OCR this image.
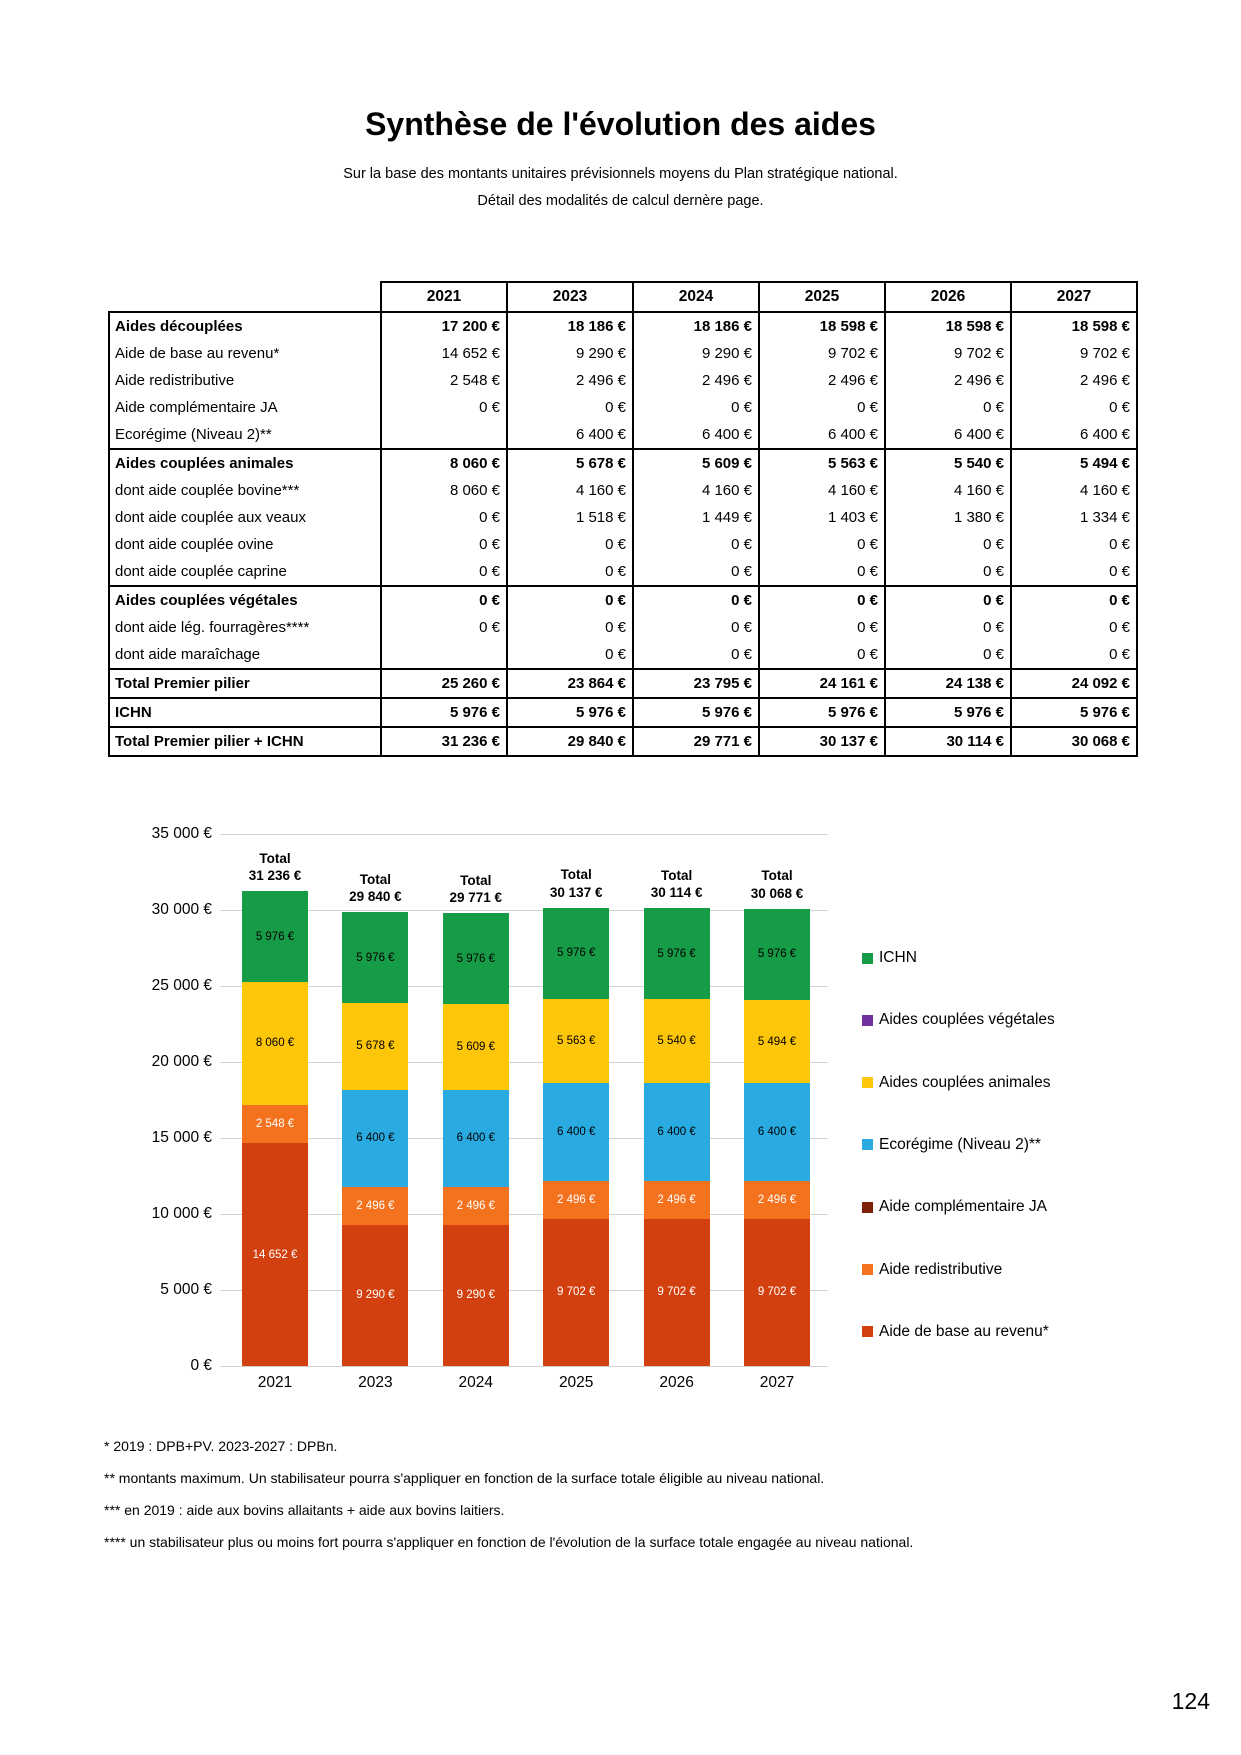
Synthèse de l'évolution des aides

Sur la base des montants unitaires prévisionnels moyens du Plan stratégique national.

Détail des modalités de calcul dernère page.

	2021	2023	2024	2025	2026	2027
Aides découplées	17 200 €	18 186 €	18 186 €	18 598 €	18 598 €	18 598 €
Aide de base au revenu*	14 652 €	9 290 €	9 290 €	9 702 €	9 702 €	9 702 €
Aide redistributive	2 548 €	2 496 €	2 496 €	2 496 €	2 496 €	2 496 €
Aide complémentaire JA	0 €	0 €	0 €	0 €	0 €	0 €
Ecorégime (Niveau 2)**		6 400 €	6 400 €	6 400 €	6 400 €	6 400 €
Aides couplées animales	8 060 €	5 678 €	5 609 €	5 563 €	5 540 €	5 494 €
dont aide couplée bovine***	8 060 €	4 160 €	4 160 €	4 160 €	4 160 €	4 160 €
dont aide couplée aux veaux	0 €	1 518 €	1 449 €	1 403 €	1 380 €	1 334 €
dont aide couplée ovine	0 €	0 €	0 €	0 €	0 €	0 €
dont aide couplée caprine	0 €	0 €	0 €	0 €	0 €	0 €
Aides couplées végétales	0 €	0 €	0 €	0 €	0 €	0 €
dont aide lég. fourragères****	0 €	0 €	0 €	0 €	0 €	0 €
dont aide maraîchage		0 €	0 €	0 €	0 €	0 €
Total Premier pilier	25 260 €	23 864 €	23 795 €	24 161 €	24 138 €	24 092 €
ICHN	5 976 €	5 976 €	5 976 €	5 976 €	5 976 €	5 976 €
Total Premier pilier + ICHN	31 236 €	29 840 €	29 771 €	30 137 €	30 114 €	30 068 €
0 €
5 000 €
10 000 €
15 000 €
20 000 €
25 000 €
30 000 €
35 000 €
14 652 €
2 548 €
8 060 €
5 976 €
Total
31 236 €
2021
9 290 €
2 496 €
6 400 €
5 678 €
5 976 €
Total
29 840 €
2023
9 290 €
2 496 €
6 400 €
5 609 €
5 976 €
Total
29 771 €
2024
9 702 €
2 496 €
6 400 €
5 563 €
5 976 €
Total
30 137 €
2025
9 702 €
2 496 €
6 400 €
5 540 €
5 976 €
Total
30 114 €
2026
9 702 €
2 496 €
6 400 €
5 494 €
5 976 €
Total
30 068 €
2027
Aide de base au revenu*
Aide redistributive
Aide complémentaire JA
Ecorégime (Niveau 2)**
Aides couplées animales
Aides couplées végétales
ICHN
* 2019 : DPB+PV. 2023-2027 : DPBn.
** montants maximum. Un stabilisateur pourra s'appliquer en fonction de la surface totale éligible au niveau national.
*** en 2019 : aide aux bovins allaitants + aide aux bovins laitiers.
**** un stabilisateur plus ou moins fort pourra s'appliquer en fonction de l'évolution de la surface totale engagée au niveau national.
124
